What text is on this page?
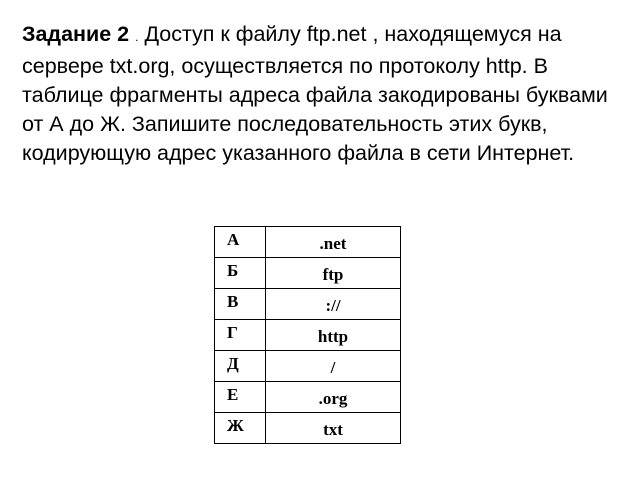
Задание 2 . Доступ к файлу ftp.net , находящемуся на сервере txt.org, осуществляется по протоколу http. В таблице фрагменты адреса файла закодированы буквами от А до Ж. Запишите последовательность этих букв, кодирующую адрес указанного файла в сети Интернет.
А	.net

Б	ftp

В	://

Г	http

Д	/

Е	.org

Ж	txt
